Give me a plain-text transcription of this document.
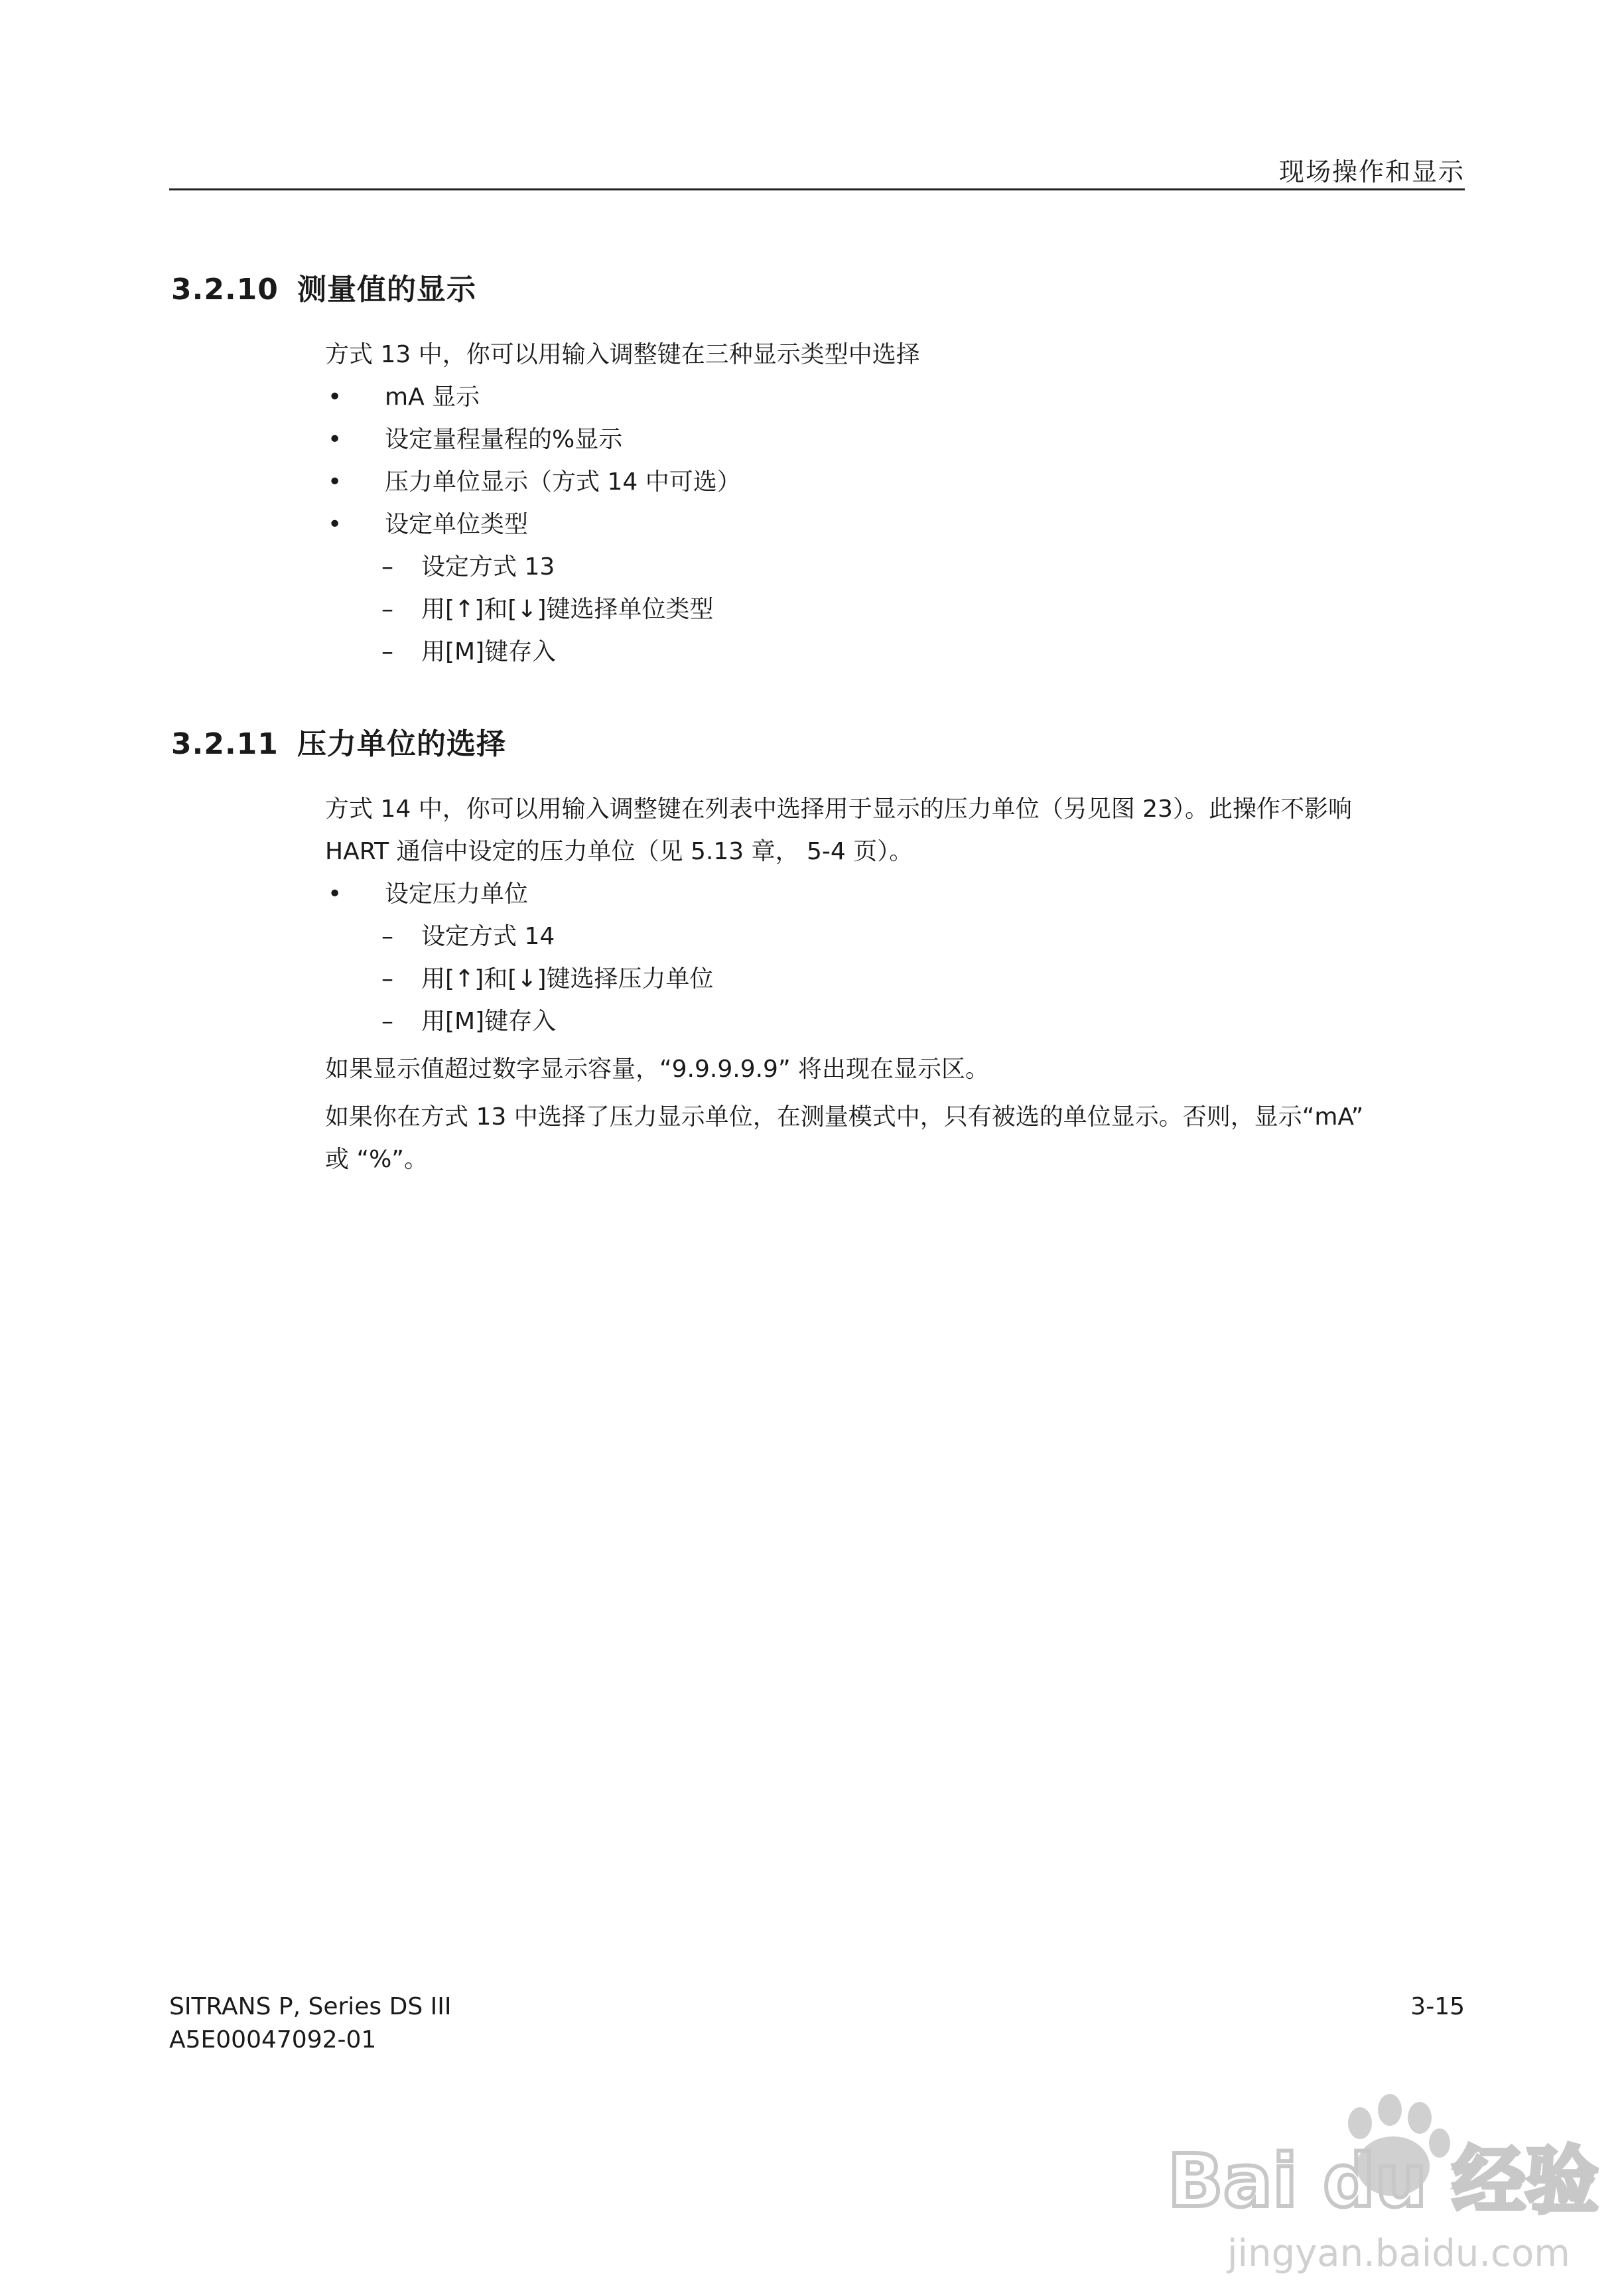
现场操作和显示
3.2.10 测量值的显示

方式 13 中，你可以用输入调整键在三种显示类型中选择

• mA 显示

• 设定量程量程的%显示

• 压力单位显示（方式 14 中可选）

• 设定单位类型

– 设定方式 13

– 用[↑]和[↓]键选择单位类型

– 用[M]键存入

3.2.11 压力单位的选择

方式 14 中，你可以用输入调整键在列表中选择用于显示的压力单位（另见图 23）。此操作不影响

HART 通信中设定的压力单位（见 5.13 章， 5-4 页）。

• 设定压力单位

– 设定方式 14

– 用[↑]和[↓]键选择压力单位

– 用[M]键存入

如果显示值超过数字显示容量，“9.9.9.9.9” 将出现在显示区。

如果你在方式 13 中选择了压力显示单位，在测量模式中，只有被选的单位显示。否则，显示“mA”

或 “%”。

SITRANS P, Series DS III
A5E00047092-01
3-15
Bai du 经验
jingyan.baidu.com
